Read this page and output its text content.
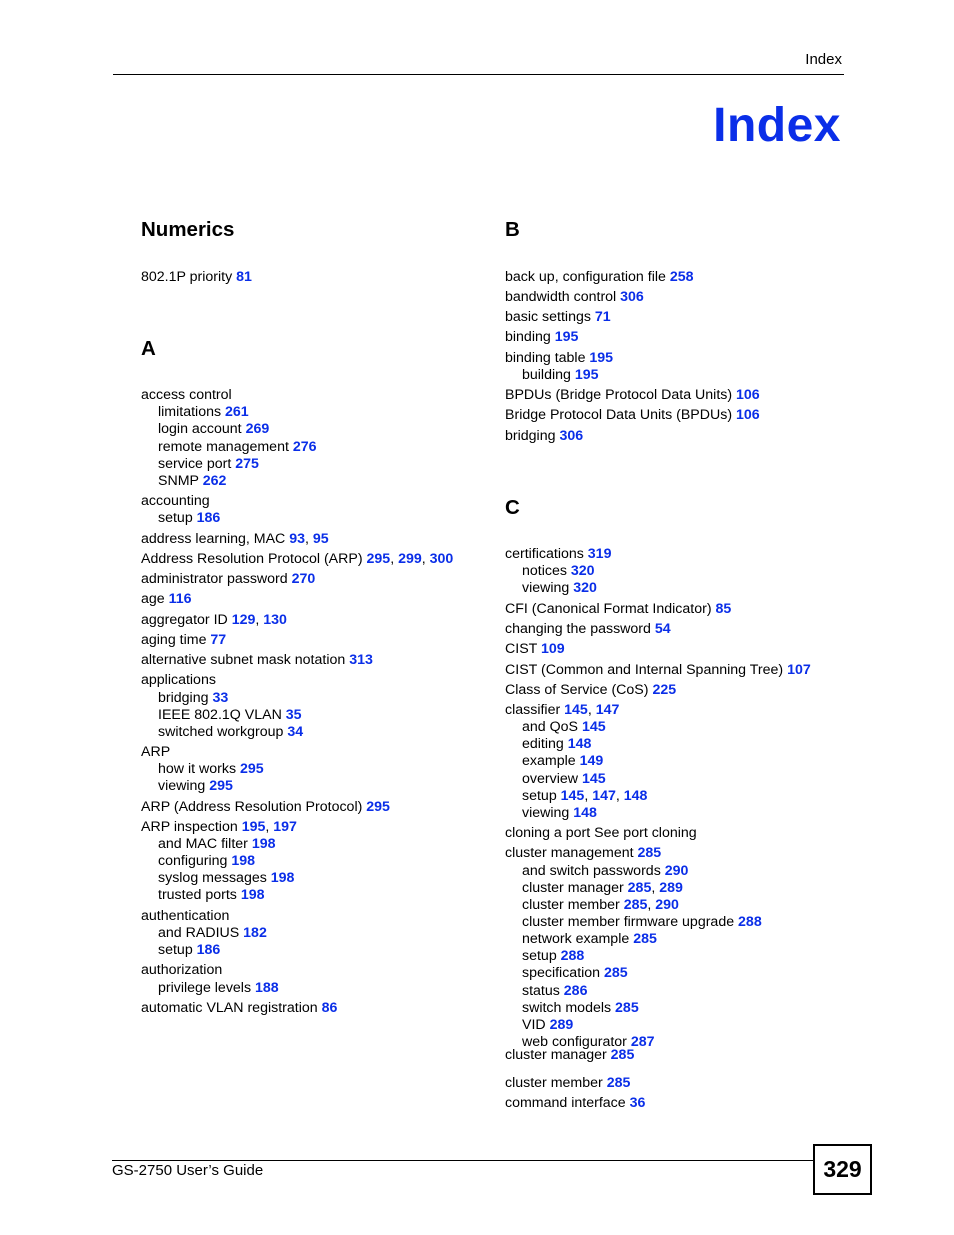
Index
Index
Numerics
802.1P priority 81
A
access control
limitations 261
login account 269
remote management 276
service port 275
SNMP 262
accounting
setup 186
address learning, MAC 93, 95
Address Resolution Protocol (ARP) 295, 299, 300
administrator password 270
age 116
aggregator ID 129, 130
aging time 77
alternative subnet mask notation 313
applications
bridging 33
IEEE 802.1Q VLAN 35
switched workgroup 34
ARP
how it works 295
viewing 295
ARP (Address Resolution Protocol) 295
ARP inspection 195, 197
and MAC filter 198
configuring 198
syslog messages 198
trusted ports 198
authentication
and RADIUS 182
setup 186
authorization
privilege levels 188
automatic VLAN registration 86
B
back up, configuration file 258
bandwidth control 306
basic settings 71
binding 195
binding table 195
building 195
BPDUs (Bridge Protocol Data Units) 106
Bridge Protocol Data Units (BPDUs) 106
bridging 306
C
certifications 319
notices 320
viewing 320
CFI (Canonical Format Indicator) 85
changing the password 54
CIST 109
CIST (Common and Internal Spanning Tree) 107
Class of Service (CoS) 225
classifier 145, 147
and QoS 145
editing 148
example 149
overview 145
setup 145, 147, 148
viewing 148
cloning a port See port cloning
cluster management 285
and switch passwords 290
cluster manager 285, 289
cluster member 285, 290
cluster member firmware upgrade 288
network example 285
setup 288
specification 285
status 286
switch models 285
VID 289
web configurator 287
cluster manager 285
cluster member 285
command interface 36
GS-2750 User’s Guide	329
